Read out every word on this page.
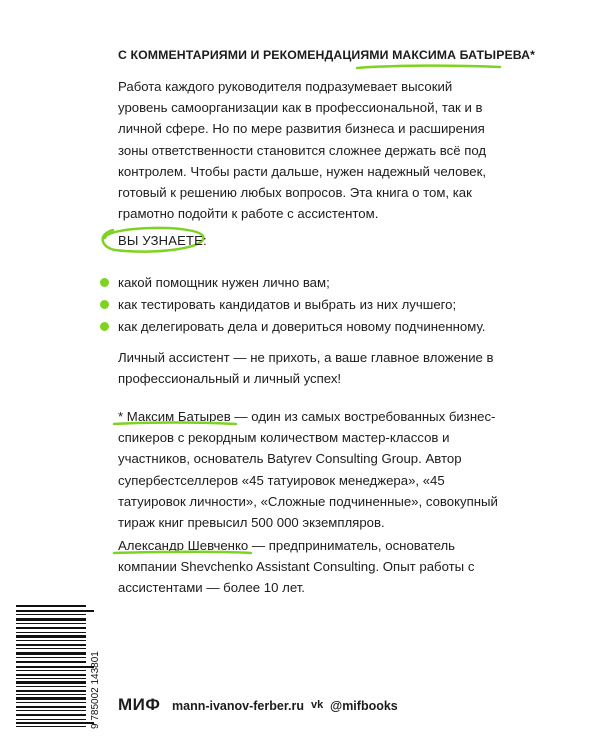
С КОММЕНТАРИЯМИ И РЕКОМЕНДАЦИЯМИ МАКСИМА БАТЫРЕВА*
Работа каждого руководителя подразумевает высокий уровень самоорганизации как в профессиональной, так и в личной сфере. Но по мере развития бизнеса и расширения зоны ответственности становится сложнее держать всё под контролем. Чтобы расти дальше, нужен надежный человек, готовый к решению любых вопросов. Эта книга о том, как грамотно подойти к работе с ассистентом.
ВЫ УЗНАЕТЕ:
какой помощник нужен лично вам;
как тестировать кандидатов и выбрать из них лучшего;
как делегировать дела и довериться новому подчиненному.
Личный ассистент — не прихоть, а ваше главное вложение в профессиональный и личный успех!
* Максим Батырев — один из самых востребованных бизнес-спикеров с рекордным количеством мастер-классов и участников, основатель Batyrev Consulting Group. Автор супербестселлеров «45 татуировок менеджера», «45 татуировок личности», «Сложные подчиненные», совокупный тираж книг превысил 500 000 экземпляров.
Александр Шевченко — предприниматель, основатель компании Shevchenko Assistant Consulting. Опыт работы с ассистентами — более 10 лет.
9 785002 143801 МИФ mann-ivanov-ferber.ru vk @mifbooks
